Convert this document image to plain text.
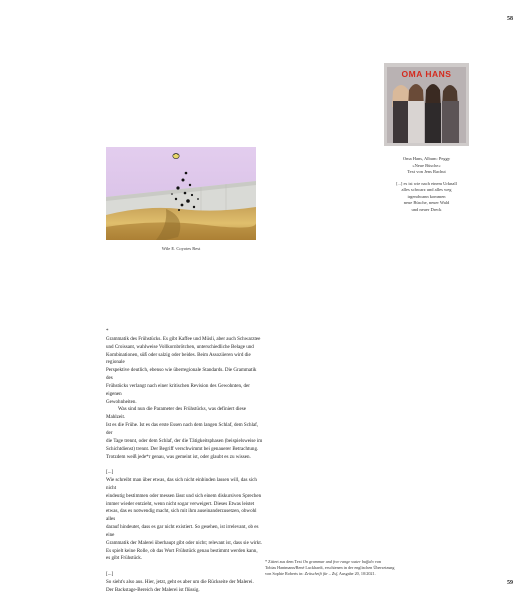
58
Wile E. Coyotes Rest
OMA HANS
Oma Hans, Album: Peggy
»Neue Büsche«
Text von Jens Rachut
[...] es ist wie nach einem Urknall
alles schwarz und alles weg
irgendwann kommen
neue Büsche, neuer Wald
und neuer Dreck
*
Grammatik des Frühstücks. Es gibt Kaffee und Müsli, aber auch Schwarztee
und Croissant, wahlweise Vollkornbrötchen, unterschiedliche Belage und
Kombinationen, süß oder salzig oder beides. Beim Assoziieren wird die regionale
Perspektive deutlich, ebenso wie überregionale Standards. Die Grammatik des
Frühstücks verlangt nach einer kritischen Revision des Gewohnten, der eigenen
Gewohnheiten.
Was sind nun die Parameter des Frühstücks, was definiert diese Mahlzeit.
Ist es die Frühe. Ist es das erste Essen nach dem langen Schlaf, dem Schlaf, der
die Tage trennt, oder dem Schlaf, der die Tätigkeitsphasen (beispielsweise im
Schichtdienst) trennt. Der Begriff verschwimmt bei genauerer Betrachtung.
Trotzdem weiß jede*r genau, was gemeint ist, oder glaubt es zu wissen.
[...]
Wie schreibt man über etwas, das sich nicht einbinden lassen will, das sich nicht
eindeutig bestimmen oder messen lässt und sich einem diskursiven Sprechen
immer wieder entzieht, wenn nicht sogar verweigert. Dieses Etwas leistet
etwas, das es notwendig macht, sich mit ihm auseinanderzusetzen, obwohl alles
darauf hindeutet, dass es gar nicht existiert. So gesehen, ist irrelevant, ob es eine
Grammatik der Malerei überhaupt gibt oder nicht; relevant ist, dass sie wirkt.
Es spielt keine Rolle, ob das Wort Frühstück genau bestimmt werden kann,
es gibt Frühstück.
[...]
So sieht's also aus. Hier, jetzt, geht es aber um die Rückseite der Malerei.
Der Backstage-Bereich der Malerei ist flüssig.
* Zitiert aus dem Text On grammar and free range water buffalo von
Tobias Hantmann/René Luckhardt, erschienen in der englischen Übersetzung
von Sophie Roberts in: Zeitschrift für – Zsf, Ausgabe 20, 10/2021.
59
